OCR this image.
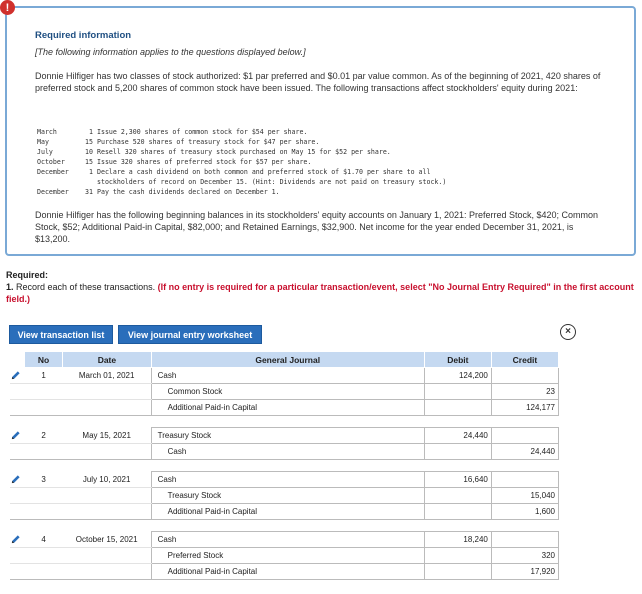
!
Required information
[The following information applies to the questions displayed below.]
Donnie Hilfiger has two classes of stock authorized: $1 par preferred and $0.01 par value common. As of the beginning of 2021, 420 shares of preferred stock and 5,200 shares of common stock have been issued. The following transactions affect stockholders' equity during 2021:
March	1	Issue 2,300 shares of common stock for $54 per share.
May	15	Purchase 520 shares of treasury stock for $47 per share.
July	10	Resell 320 shares of treasury stock purchased on May 15 for $52 per share.
October	15	Issue 320 shares of preferred stock for $57 per share.
December	1	Declare a cash dividend on both common and preferred stock of $1.70 per share to all
		stockholders of record on December 15. (Hint: Dividends are not paid on treasury stock.)
December	31	Pay the cash dividends declared on December 1.
Donnie Hilfiger has the following beginning balances in its stockholders' equity accounts on January 1, 2021: Preferred Stock, $420; Common Stock, $52; Additional Paid-in Capital, $82,000; and Retained Earnings, $32,900. Net income for the year ended December 31, 2021, is $13,200.
Required:
1. Record each of these transactions. (If no entry is required for a particular transaction/event, select "No Journal Entry Required" in the first account field.)
View transaction list	View journal entry worksheet	×
	No	Date	General Journal	Debit	Credit
	1	March 01, 2021	Cash	124,200	
			Common Stock		23
			Additional Paid-in Capital		124,177

	2	May 15, 2021	Treasury Stock	24,440	
			Cash		24,440

	3	July 10, 2021	Cash	16,640	
			Treasury Stock		15,040
			Additional Paid-in Capital		1,600

	4	October 15, 2021	Cash	18,240	
			Preferred Stock		320
			Additional Paid-in Capital		17,920
